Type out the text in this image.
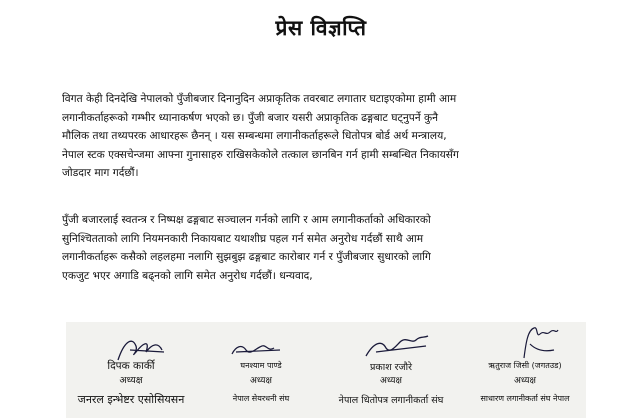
प्रेस विज्ञप्ति

विगत केही दिनदेखि नेपालको पुँजीबजार दिनानुदिन अप्राकृतिक तवरबाट लगातार घटाइएकोमा हामी आम
लगानीकर्ताहरूको गम्भीर ध्यानाकर्षण भएको छ। पुँजी बजार यसरी अप्राकृतिक ढङ्गबाट घट्नुपर्ने कुनै
मौलिक तथा तथ्यपरक आधारहरू छैनन् । यस सम्बन्धमा लगानीकर्ताहरूले धितोपत्र बोर्ड अर्थ मन्त्रालय,
नेपाल स्टक एक्सचेन्जमा आफ्ना गुनासाहरु राखिसकेकोले तत्काल छानबिन गर्न हामी सम्बन्धित निकायसँग
जोडदार माग गर्दछौं।

पुँजी बजारलाई स्वतन्त्र र निष्पक्ष ढङ्गबाट सञ्चालन गर्नको लागि र आम लगानीकर्ताको अधिकारको
सुनिश्चितताको लागि नियमनकारी निकायबाट यथाशीघ्र पहल गर्न समेत अनुरोध गर्दछौं साथै आम
लगानीकर्ताहरू कसैको लहलहमा नलागि सुझबुझ ढङ्गबाट कारोबार गर्न र पुँजीबजार सुधारको लागि
एकजुट भएर अगाडि बढ्नको लागि समेत अनुरोध गर्दछौं। धन्यवाद,

दिपक कार्की
अध्यक्ष
जनरल इन्भेष्टर एसोसियसन
घनश्याम पाण्डे
अध्यक्ष
नेपाल सेयरधनी संघ
प्रकाश रजौरे
अध्यक्ष
नेपाल धितोपत्र लगानीकर्ता संघ
ऋतुराज जिसी (जगतउड)
अध्यक्ष
साधारण लगानीकर्ता संघ नेपाल
